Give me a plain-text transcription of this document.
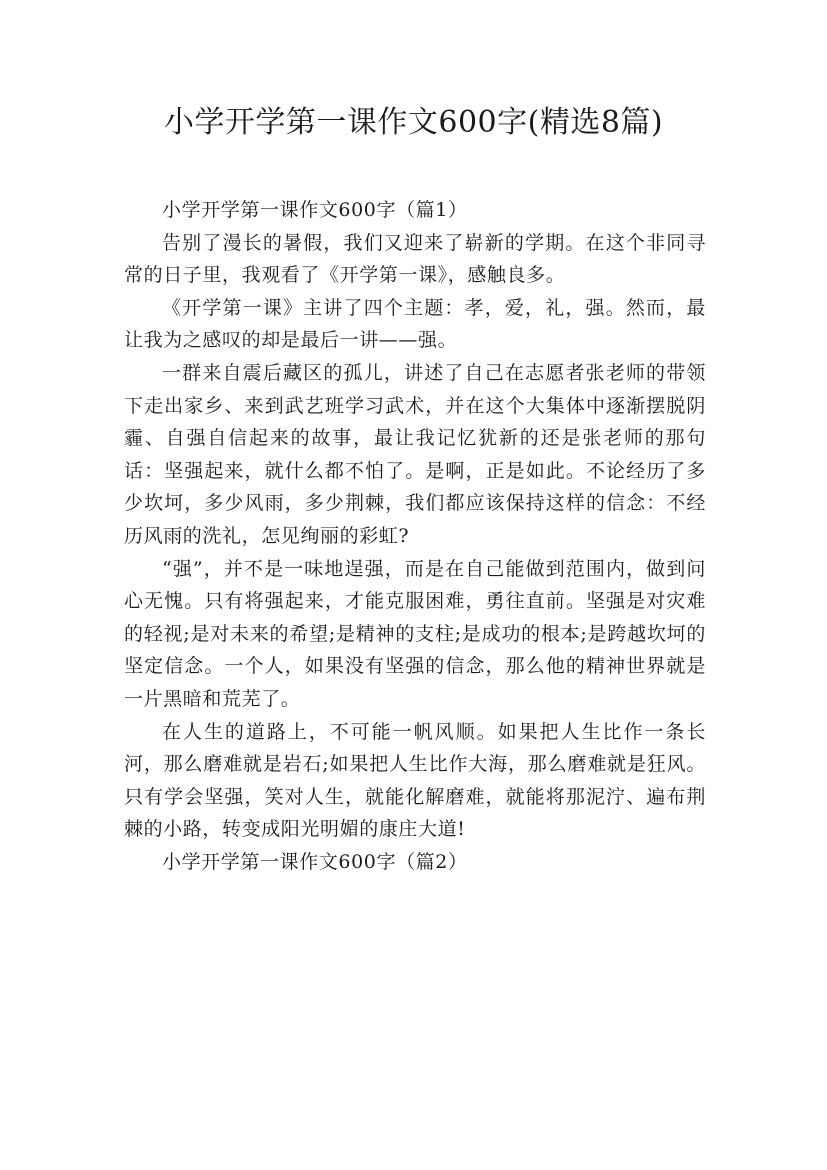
小学开学第一课作文600字(精选8篇)

小学开学第一课作文600字（篇1）

告别了漫长的暑假，我们又迎来了崭新的学期。在这个非同寻常的日子里，我观看了《开学第一课》，感触良多。

《开学第一课》主讲了四个主题：孝，爱，礼，强。然而，最让我为之感叹的却是最后一讲——强。

一群来自震后藏区的孤儿，讲述了自己在志愿者张老师的带领下走出家乡、来到武艺班学习武术，并在这个大集体中逐渐摆脱阴霾、自强自信起来的故事，最让我记忆犹新的还是张老师的那句话：坚强起来，就什么都不怕了。是啊，正是如此。不论经历了多少坎坷，多少风雨，多少荆棘，我们都应该保持这样的信念：不经历风雨的洗礼，怎见绚丽的彩虹?

“强”，并不是一味地逞强，而是在自己能做到范围内，做到问心无愧。只有将强起来，才能克服困难，勇往直前。坚强是对灾难的轻视;是对未来的希望;是精神的支柱;是成功的根本;是跨越坎坷的坚定信念。一个人，如果没有坚强的信念，那么他的精神世界就是一片黑暗和荒芜了。

在人生的道路上，不可能一帆风顺。如果把人生比作一条长河，那么磨难就是岩石;如果把人生比作大海，那么磨难就是狂风。只有学会坚强，笑对人生，就能化解磨难，就能将那泥泞、遍布荆棘的小路，转变成阳光明媚的康庄大道!

小学开学第一课作文600字（篇2）
